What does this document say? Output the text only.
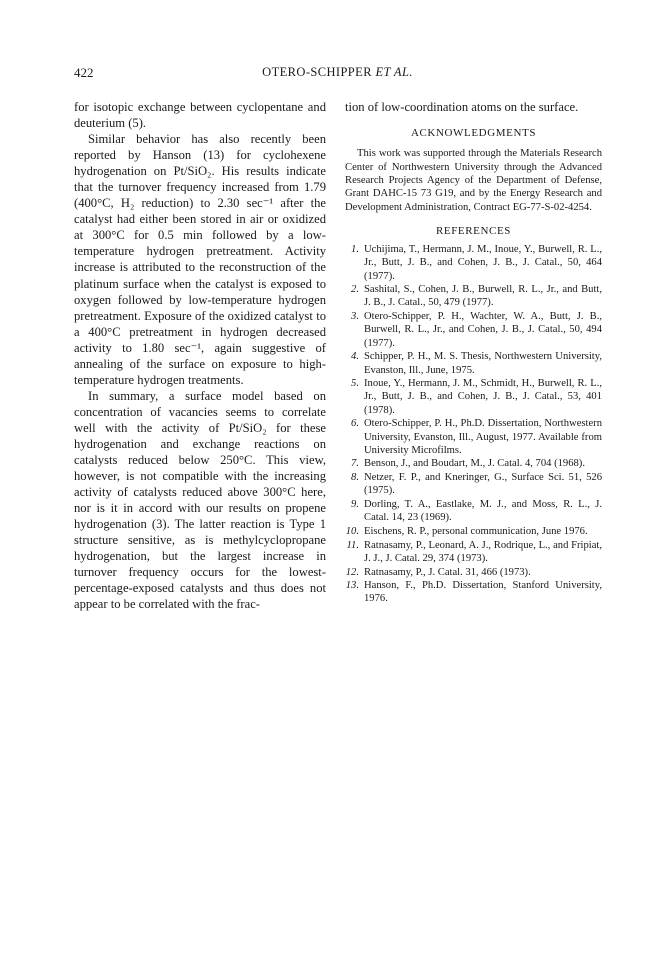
422	OTERO-SCHIPPER ET AL.

for isotopic exchange between cyclopentane and deuterium (5).

Similar behavior has also recently been reported by Hanson (13) for cyclohexene hydrogenation on Pt/SiO₂. His results indicate that the turnover frequency increased from 1.79 (400°C, H₂ reduction) to 2.30 sec⁻¹ after the catalyst had either been stored in air or oxidized at 300°C for 0.5 min followed by a low-temperature hydrogen pretreatment. Activity increase is attributed to the reconstruction of the platinum surface when the catalyst is exposed to oxygen followed by low-temperature hydrogen pretreatment. Exposure of the oxidized catalyst to a 400°C pretreatment in hydrogen decreased activity to 1.80 sec⁻¹, again suggestive of annealing of the surface on exposure to high-temperature hydrogen treatments.

In summary, a surface model based on concentration of vacancies seems to correlate well with the activity of Pt/SiO₂ for these hydrogenation and exchange reactions on catalysts reduced below 250°C. This view, however, is not compatible with the increasing activity of catalysts reduced above 300°C here, nor is it in accord with our results on propene hydrogenation (3). The latter reaction is Type 1 structure sensitive, as is methylcyclopropane hydrogenation, but the largest increase in turnover frequency occurs for the lowest-percentage-exposed catalysts and thus does not appear to be correlated with the frac-

tion of low-coordination atoms on the surface.

ACKNOWLEDGMENTS

This work was supported through the Materials Research Center of Northwestern University through the Advanced Research Projects Agency of the Department of Defense, Grant DAHC-15 73 G19, and by the Energy Research and Development Administration, Contract EG-77-S-02-4254.

REFERENCES
1. Uchijima, T., Hermann, J. M., Inoue, Y., Burwell, R. L., Jr., Butt, J. B., and Cohen, J. B., J. Catal., 50, 464 (1977).
2. Sashital, S., Cohen, J. B., Burwell, R. L., Jr., and Butt, J. B., J. Catal., 50, 479 (1977).
3. Otero-Schipper, P. H., Wachter, W. A., Butt, J. B., Burwell, R. L., Jr., and Cohen, J. B., J. Catal., 50, 494 (1977).
4. Schipper, P. H., M. S. Thesis, Northwestern University, Evanston, Ill., June, 1975.
5. Inoue, Y., Hermann, J. M., Schmidt, H., Burwell, R. L., Jr., Butt, J. B., and Cohen, J. B., J. Catal., 53, 401 (1978).
6. Otero-Schipper, P. H., Ph.D. Dissertation, Northwestern University, Evanston, Ill., August, 1977. Available from University Microfilms.
7. Benson, J., and Boudart, M., J. Catal. 4, 704 (1968).
8. Netzer, F. P., and Kneringer, G., Surface Sci. 51, 526 (1975).
9. Dorling, T. A., Eastlake, M. J., and Moss, R. L., J. Catal. 14, 23 (1969).
10. Eischens, R. P., personal communication, June 1976.
11. Ratnasamy, P., Leonard, A. J., Rodrique, L., and Fripiat, J. J., J. Catal. 29, 374 (1973).
12. Ratnasamy, P., J. Catal. 31, 466 (1973).
13. Hanson, F., Ph.D. Dissertation, Stanford University, 1976.
